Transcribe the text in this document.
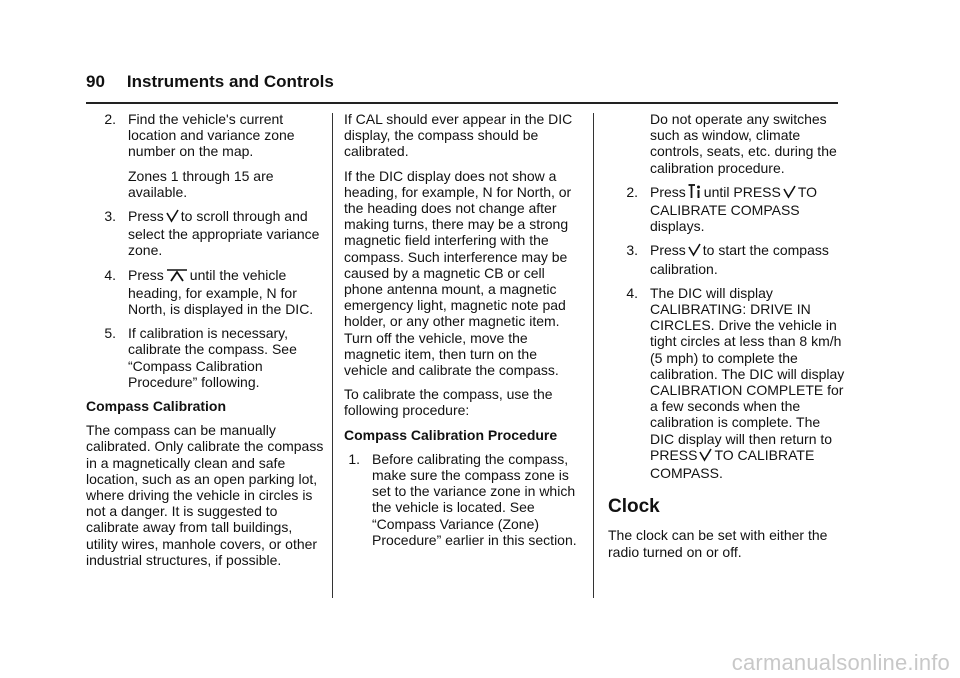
90 Instruments and Controls
2. Find the vehicle's current location and variance zone number on the map.
Zones 1 through 15 are available.
3. Press to scroll through and select the appropriate variance zone.
4. Press until the vehicle heading, for example, N for North, is displayed in the DIC.
5. If calibration is necessary, calibrate the compass. See “Compass Calibration Procedure” following.

Compass Calibration

The compass can be manually calibrated. Only calibrate the compass in a magnetically clean and safe location, such as an open parking lot, where driving the vehicle in circles is not a danger. It is suggested to calibrate away from tall buildings, utility wires, manhole covers, or other industrial structures, if possible.

If CAL should ever appear in the DIC display, the compass should be calibrated.

If the DIC display does not show a heading, for example, N for North, or the heading does not change after making turns, there may be a strong magnetic field interfering with the compass. Such interference may be caused by a magnetic CB or cell phone antenna mount, a magnetic emergency light, magnetic note pad holder, or any other magnetic item. Turn off the vehicle, move the magnetic item, then turn on the vehicle and calibrate the compass.

To calibrate the compass, use the following procedure:

Compass Calibration Procedure

1. Before calibrating the compass, make sure the compass zone is set to the variance zone in which the vehicle is located. See “Compass Variance (Zone) Procedure” earlier in this section.
Do not operate any switches such as window, climate controls, seats, etc. during the calibration procedure.
2. Press until PRESS TO CALIBRATE COMPASS displays.
3. Press to start the compass calibration.
4. The DIC will display CALIBRATING: DRIVE IN CIRCLES. Drive the vehicle in tight circles at less than 8 km/h (5 mph) to complete the calibration. The DIC will display CALIBRATION COMPLETE for a few seconds when the calibration is complete. The DIC display will then return to PRESS TO CALIBRATE COMPASS.
Clock

The clock can be set with either the radio turned on or off.

carmanualsonline.info
